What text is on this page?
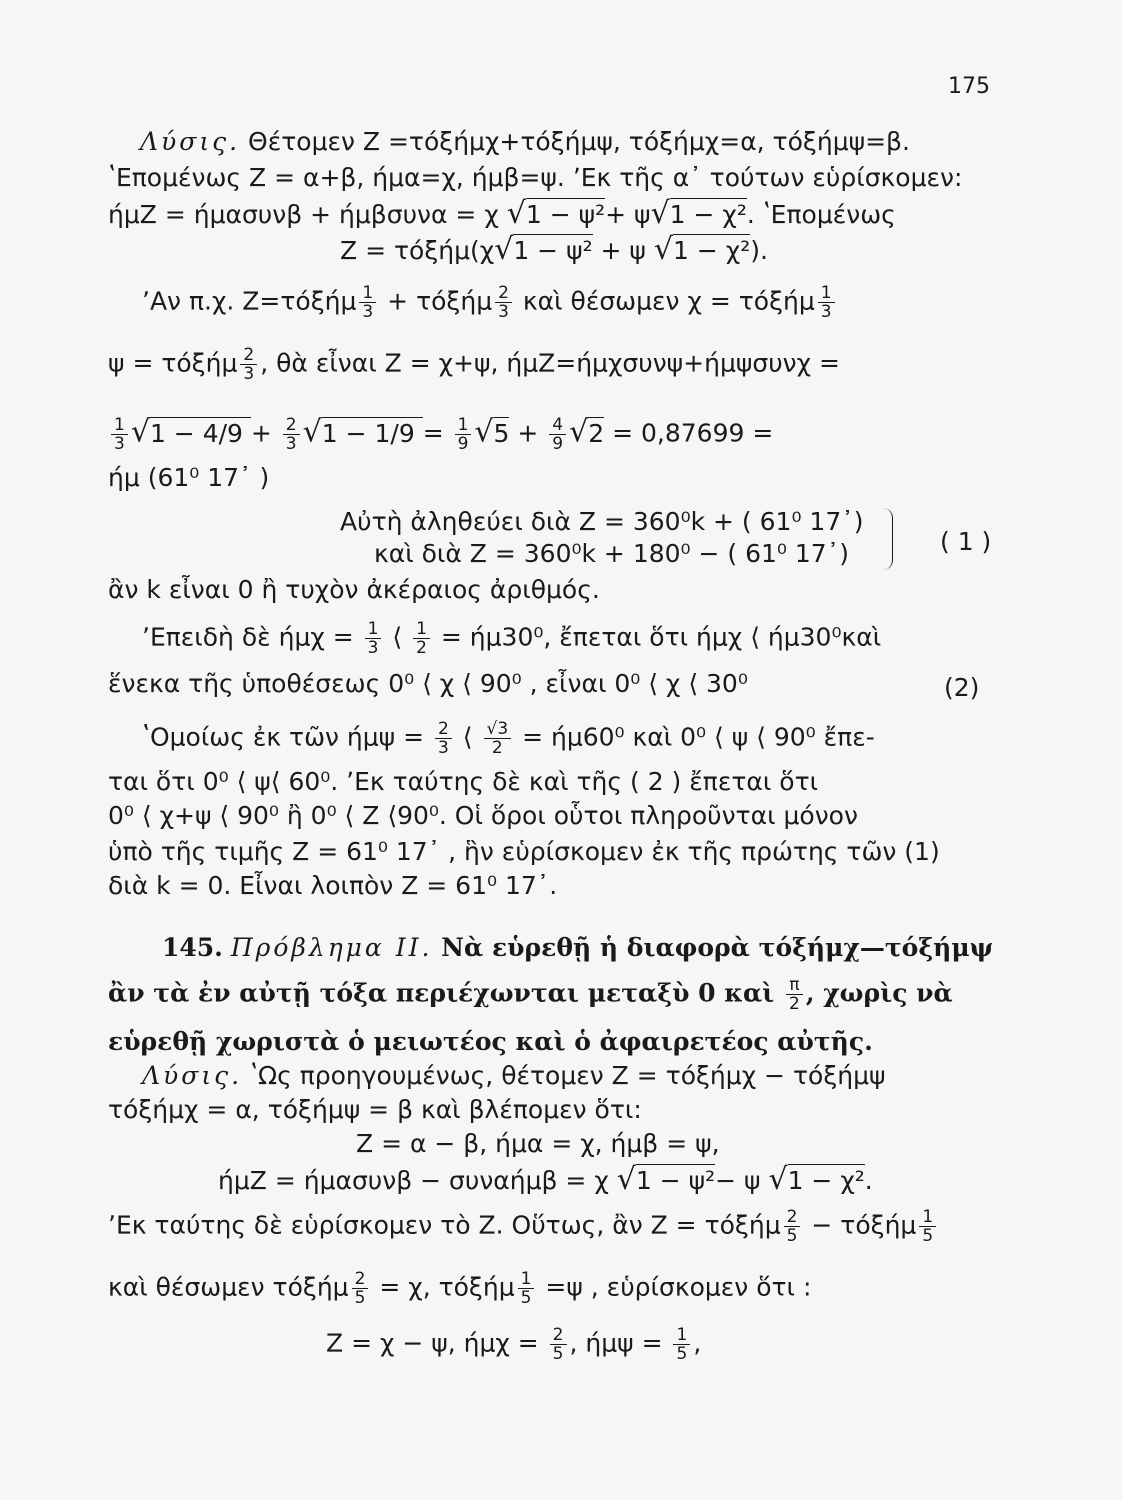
175
Λύσις. Θέτομεν Ζ =τόξήμχ+τόξήμψ, τόξήμχ=α, τόξήμψ=β.
ʽΕπομένως Ζ = α+β, ήμα=χ, ήμβ=ψ. ʼΕκ τῆς α᾽ τούτων εὑρίσκομεν:
ήμΖ = ήμασυνβ + ήμβσυνα = χ √1 − ψ²+ ψ√1 − χ². ʽΕπομένως
Ζ = τόξήμ(χ√1 − ψ² + ψ √1 − χ²).
ʼΑν π.χ. $Z=\tau ό\xi ή\mu \frac{1}{3} + \tau ό\xi ή\mu \frac{2}{3}$ καὶ θέσωμεν χ = τόξήμ $\frac{1}{3}$
ψ = τόξήμ $\frac{2}{3}$ , θὰ εἶναι Ζ = χ+ψ, ήμΖ=ήμχσυνψ+ήμψσυνχ =
$\frac{1}{3} √1 - 4/9 + \frac{2}{3} √1 - 1/9 = \frac{1}{9} √5 + \frac{4}{9} √2 = 0,87699$ =
ήμ (61⁰ 17᾽ )
Αὐτὴ ἀληθεύει διὰ Ζ = 360⁰k + ( 61⁰ 17᾽)
καὶ διὰ Ζ = 360⁰k + 180⁰ − ( 61⁰ 17᾽)	( 1 )
ἂν k εἶναι 0 ἢ τυχὸν ἀκέραιος ἀριθμός.
ʼΕπειδὴ δὲ $ή\mu\chi = \frac{1}{3}$ ⟨ $\frac{1}{2} = ή\mu 30^0$, ἔπεται ὅτι ήμχ ⟨ ήμ30⁰καὶ
ἕνεκα τῆς ὑποθέσεως 0⁰ ⟨ χ ⟨ 90⁰ , εἶναι 0⁰ ⟨ χ ⟨ 30⁰	(2)
ʽΟμοίως ἐκ τῶν $ή\mu\psi = \frac{2}{3}$ ⟨ $\frac{√3}{2} = ή\mu 60^0$ καὶ 0⁰ ⟨ ψ ⟨ 90⁰ ἔπε-
ται ὅτι 0⁰ ⟨ ψ⟨ 60⁰. ʼΕκ ταύτης δὲ καὶ τῆς ( 2 ) ἔπεται ὅτι
0⁰ ⟨ χ+ψ ⟨ 90⁰ ἢ 0⁰ ⟨ Ζ ⟨90⁰. Οἱ ὅροι οὗτοι πληροῦνται μόνον
ὑπὸ τῆς τιμῆς Ζ = 61⁰ 17᾽ , ἣν εὑρίσκομεν ἐκ τῆς πρώτης τῶν (1)
διὰ k = 0. Εἶναι λοιπὸν Ζ = 61⁰ 17᾽.
145. Πρόβλημα ΙΙ. Νὰ εὑρεθῇ ἡ διαφορὰ τόξήμχ—τόξήμψ
ἂν τὰ ἐν αὐτῇ τόξα περιέχωνται μεταξὺ 0 καὶ $\frac{\pi}{2}$ , χωρὶς νὰ
εὑρεθῇ χωριστὰ ὁ μειωτέος καὶ ὁ ἀφαιρετέος αὐτῆς.
Λύσις. ʽΩς προηγουμένως, θέτομεν Ζ = τόξήμχ − τόξήμψ
τόξήμχ = α, τόξήμψ = β καὶ βλέπομεν ὅτι:
Ζ = α − β, ήμα = χ, ήμβ = ψ,
ήμΖ = ήμασυνβ − συναήμβ = χ √1 − ψ²− ψ √1 − χ².
ʼΕκ ταύτης δὲ εὑρίσκομεν τὸ Ζ. Οὕτως, ἂν Ζ = τόξήμ $\frac{2}{5} - \tau ό\xi ή\mu \frac{1}{5}$
καὶ θέσωμεν τόξήμ $\frac{2}{5} = \chi$, τόξήμ $\frac{1}{5} =\psi$ , εὑρίσκομεν ὅτι :
Ζ = χ − ψ, $ή\mu\chi = \frac{2}{5}$ , $ή\mu\psi = \frac{1}{5}$ ,
